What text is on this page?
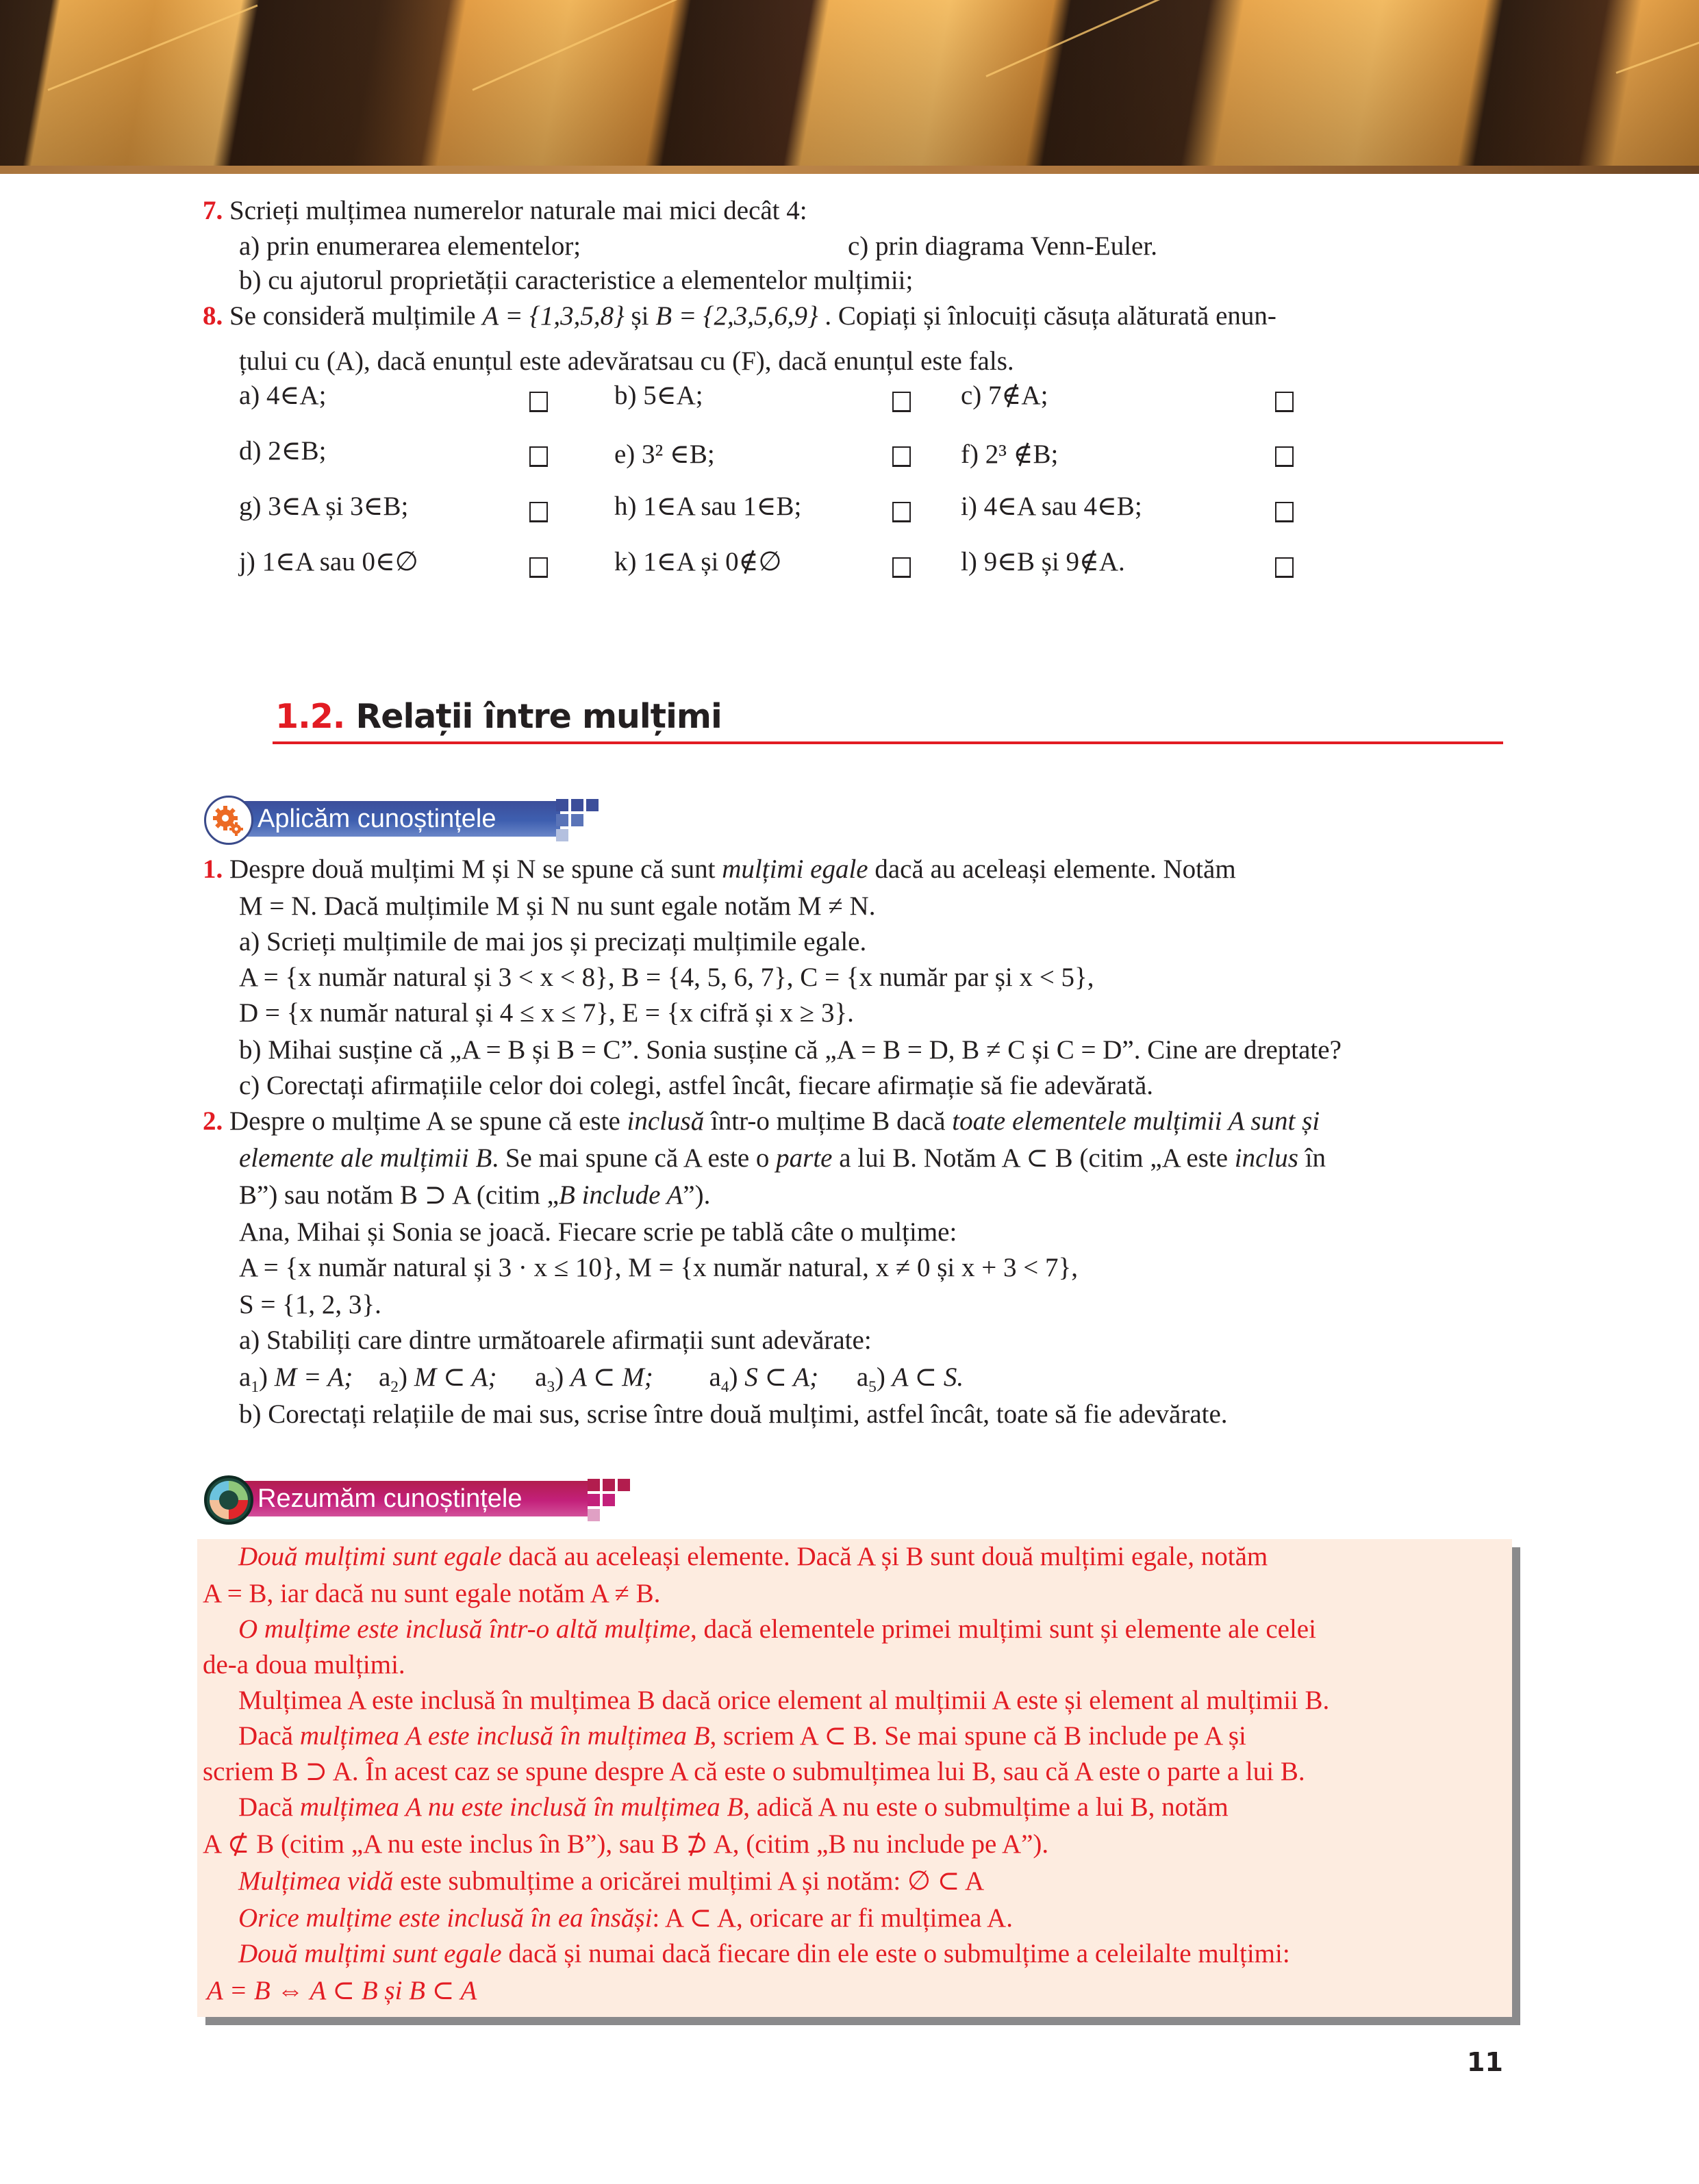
7. Scrieți mulțimea numerelor naturale mai mici decât 4:
a) prin enumerarea elementelor;	c) prin diagrama Venn-Euler.
b) cu ajutorul proprietății caracteristice a elementelor mulțimii;
8. Se consideră mulțimile A = {1,3,5,8} și B = {2,3,5,6,9} . Copiați și înlocuiți căsuța alăturată enun-
țului cu (A), dacă enunțul este adevăratsau cu (F), dacă enunțul este fals.
a) 4∈A;	b) 5∈A;	c) 7∉A;
d) 2∈B;	e) 3² ∈B;	f) 2³ ∉B;
g) 3∈A și 3∈B;	h) 1∈A sau 1∈B;	i) 4∈A sau 4∈B;
j) 1∈A sau 0∈∅	k) 1∈A și 0∉∅	l) 9∈B și 9∉A.
1.2. Relații între mulțimi
Aplicăm cunoștințele
1. Despre două mulțimi M și N se spune că sunt mulțimi egale dacă au aceleași elemente. Notăm
M = N. Dacă mulțimile M și N nu sunt egale notăm M ≠ N.
a) Scrieți mulțimile de mai jos și precizați mulțimile egale.
A = {x număr natural și 3 < x < 8}, B = {4, 5, 6, 7}, C = {x număr par și x < 5},
D = {x număr natural și 4 ≤ x ≤ 7}, E = {x cifră și x ≥ 3}.
b) Mihai susține că „A = B și B = C”. Sonia susține că „A = B = D, B ≠ C și C = D”. Cine are dreptate?
c) Corectați afirmațiile celor doi colegi, astfel încât, fiecare afirmație să fie adevărată.
2. Despre o mulțime A se spune că este inclusă într-o mulțime B dacă toate elementele mulțimii A sunt și
elemente ale mulțimii B. Se mai spune că A este o parte a lui B. Notăm A ⊂ B (citim „A este inclus în
B”) sau notăm B ⊃ A (citim „B include A”).
Ana, Mihai și Sonia se joacă. Fiecare scrie pe tablă câte o mulțime:
A = {x număr natural și 3 · x ≤ 10}, M = {x număr natural, x ≠ 0 și x + 3 < 7},
S = {1, 2, 3}.
a) Stabiliți care dintre următoarele afirmații sunt adevărate:
$a_1$) M = A; $a_2$) M ⊂ A; $a_3$) A ⊂ M; $a_4$) S ⊂ A; $a_5$) A ⊂ S.
b) Corectați relațiile de mai sus, scrise între două mulțimi, astfel încât, toate să fie adevărate.
Rezumăm cunoștințele
Două mulțimi sunt egale dacă au aceleași elemente. Dacă A și B sunt două mulțimi egale, notăm
A = B, iar dacă nu sunt egale notăm A ≠ B.
O mulțime este inclusă într-o altă mulțime, dacă elementele primei mulțimi sunt și elemente ale celei
de-a doua mulțimi.
Mulțimea A este inclusă în mulțimea B dacă orice element al mulțimii A este și element al mulțimii B.
Dacă mulțimea A este inclusă în mulțimea B, scriem A ⊂ B. Se mai spune că B include pe A și
scriem B ⊃ A. În acest caz se spune despre A că este o submulțimea lui B, sau că A este o parte a lui B.
Dacă mulțimea A nu este inclusă în mulțimea B, adică A nu este o submulțime a lui B, notăm
A ⊄ B (citim „A nu este inclus în B”), sau B ⊅ A, (citim „B nu include pe A”).
Mulțimea vidă este submulțime a oricărei mulțimi A și notăm: ∅ ⊂ A
Orice mulțime este inclusă în ea însăși: A ⊂ A, oricare ar fi mulțimea A.
Două mulțimi sunt egale dacă și numai dacă fiecare din ele este o submulțime a celeilalte mulțimi:
A = B ⇔ A ⊂ B și B ⊂ A
11
